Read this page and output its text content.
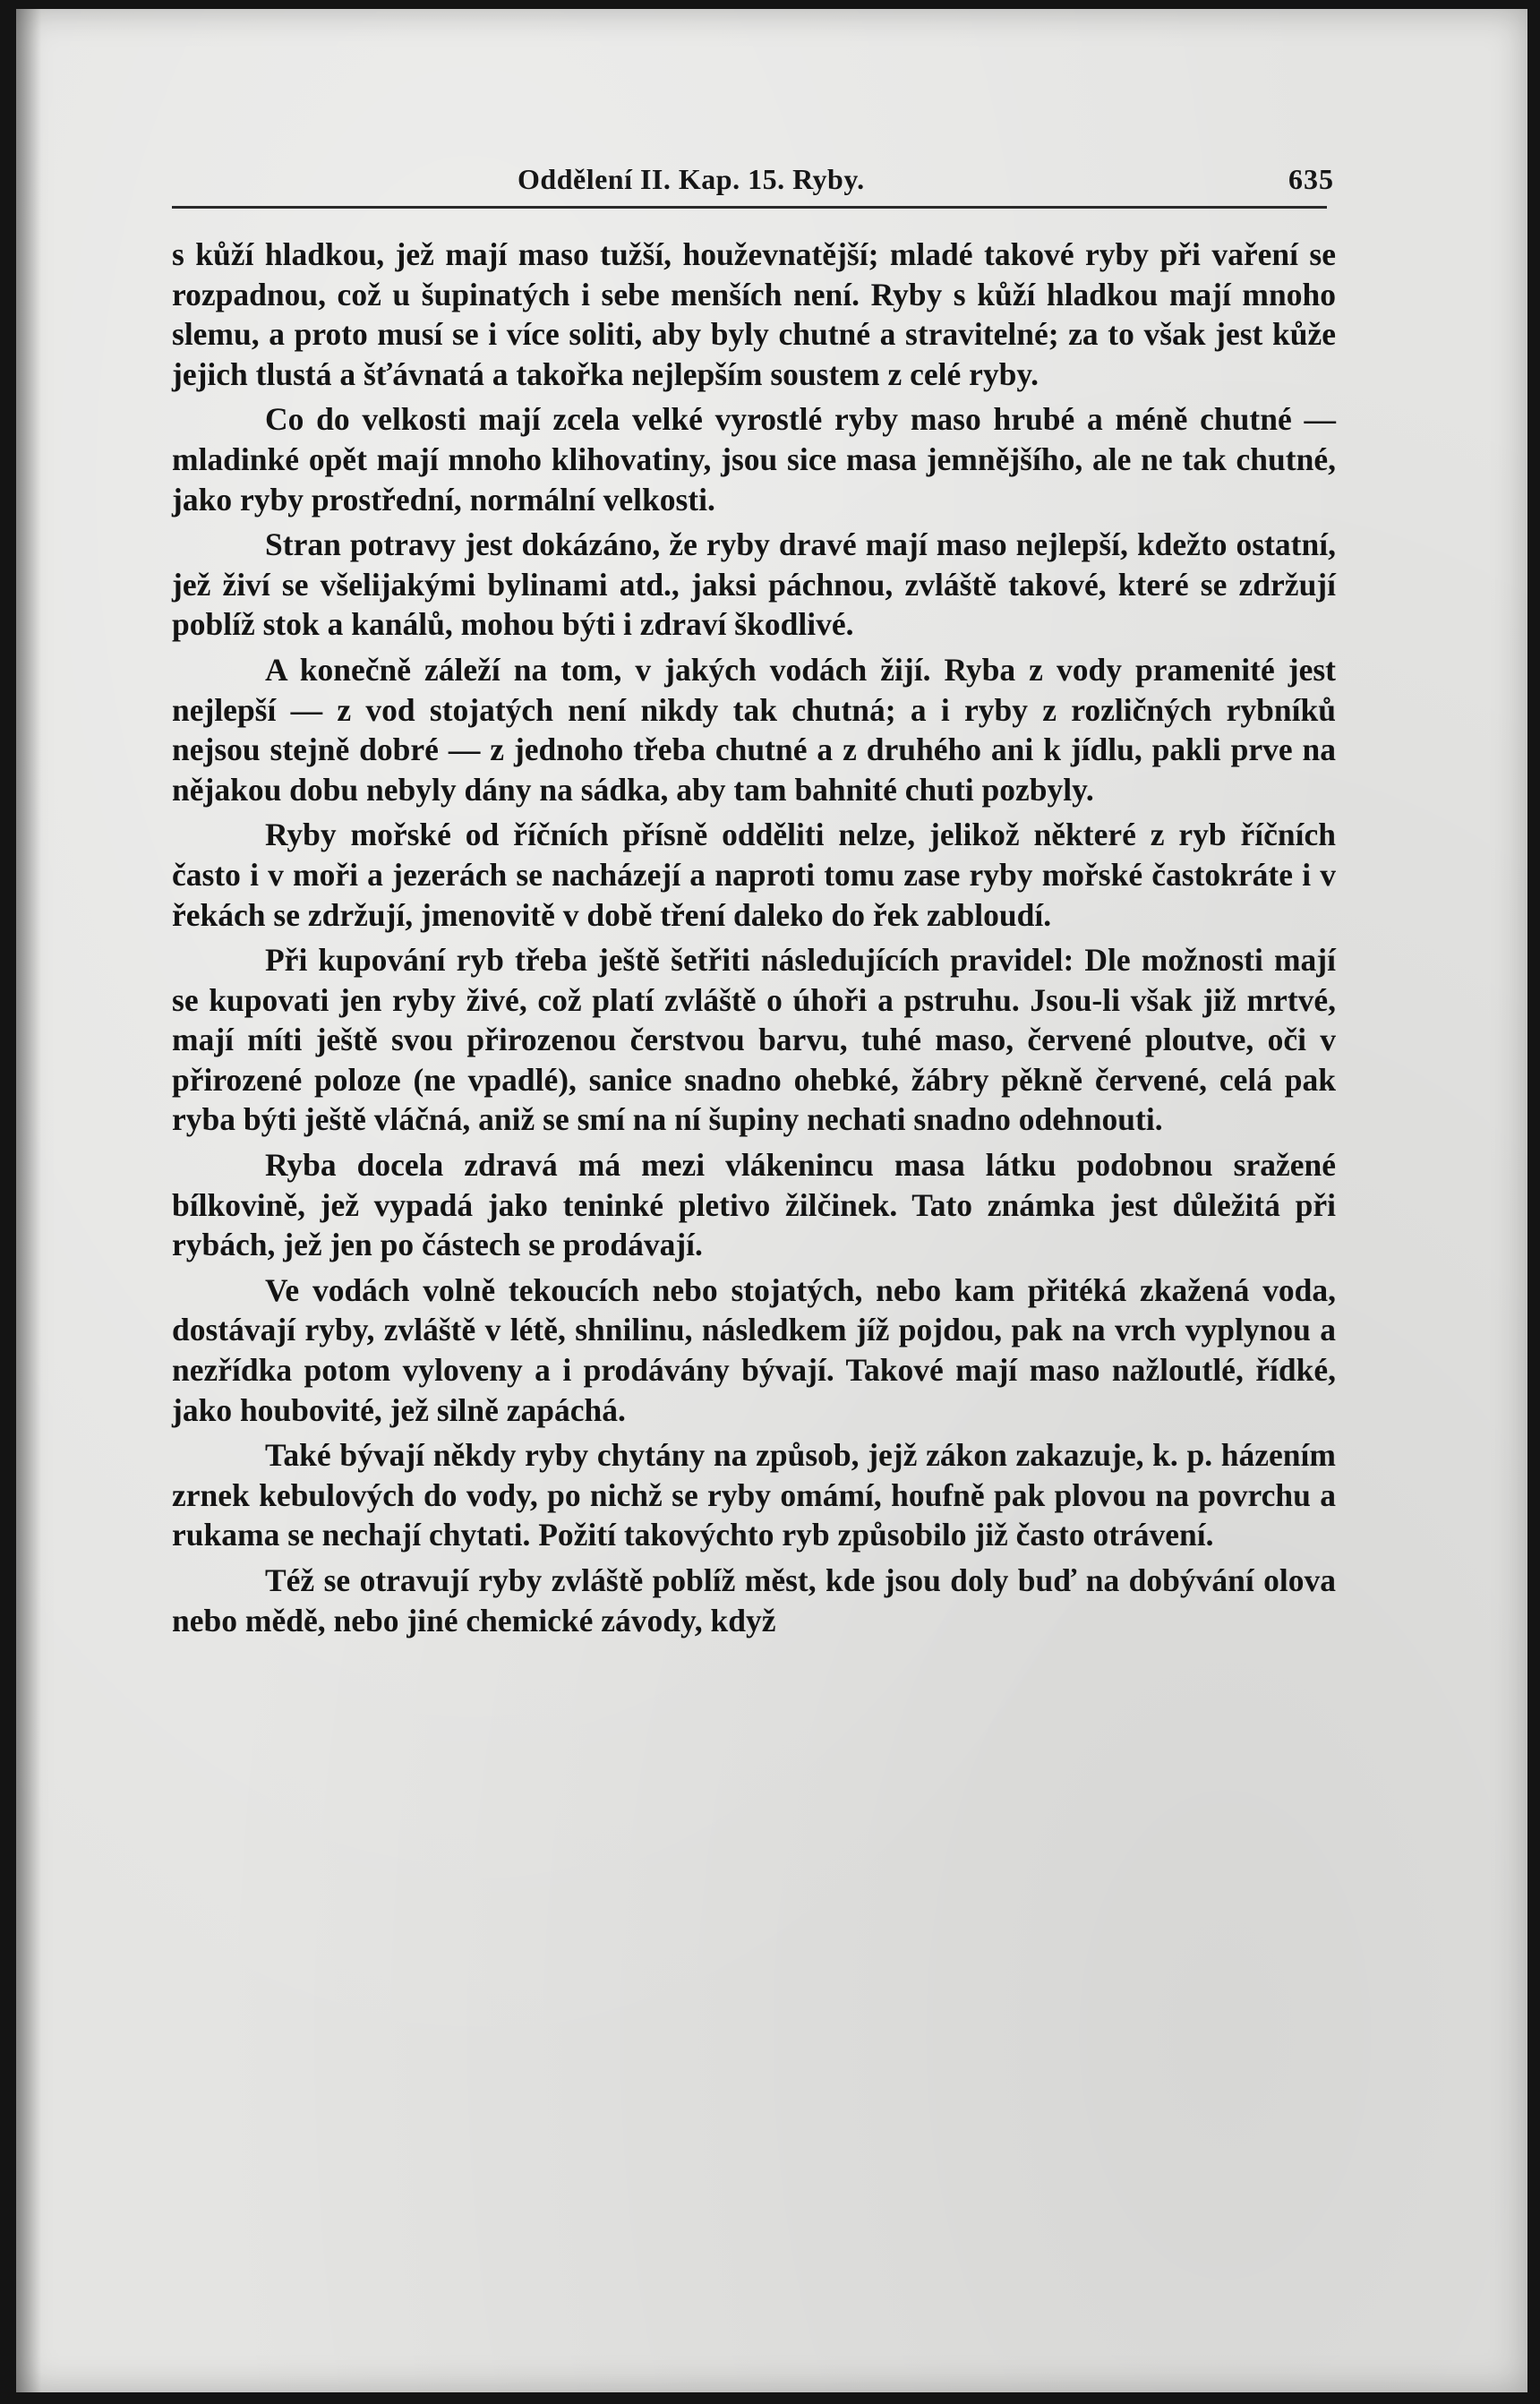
Oddělení II. Kap. 15. Ryby.	635

s kůží hladkou, jež mají maso tužší, houževnatější; mladé takové ryby při vaření se rozpadnou, což u šupinatých i sebe menších není. Ryby s kůží hladkou mají mnoho slemu, a proto musí se i více soliti, aby byly chutné a stravitelné; za to však jest kůže jejich tlustá a šťávnatá a takořka nejlepším soustem z celé ryby.

Co do velkosti mají zcela velké vyrostlé ryby maso hrubé a méně chutné — mladinké opět mají mnoho klihovatiny, jsou sice masa jemnějšího, ale ne tak chutné, jako ryby prostřední, normální velkosti.

Stran potravy jest dokázáno, že ryby dravé mají maso nejlepší, kdežto ostatní, jež živí se všelijakými bylinami atd., jaksi páchnou, zvláště takové, které se zdržují poblíž stok a kanálů, mohou býti i zdraví škodlivé.

A konečně záleží na tom, v jakých vodách žijí. Ryba z vody pramenité jest nejlepší — z vod stojatých není nikdy tak chutná; a i ryby z rozličných rybníků nejsou stejně dobré — z jednoho třeba chutné a z druhého ani k jídlu, pakli prve na nějakou dobu nebyly dány na sádka, aby tam bahnité chuti pozbyly.

Ryby mořské od říčních přísně odděliti nelze, jelikož některé z ryb říčních často i v moři a jezerách se nacházejí a naproti tomu zase ryby mořské častokráte i v řekách se zdržují, jmenovitě v době tření daleko do řek zabloudí.

Při kupování ryb třeba ještě šetřiti následujících pravidel: Dle možnosti mají se kupovati jen ryby živé, což platí zvláště o úhoři a pstruhu. Jsou-li však již mrtvé, mají míti ještě svou přirozenou čerstvou barvu, tuhé maso, červené ploutve, oči v přirozené poloze (ne vpadlé), sanice snadno ohebké, žábry pěkně červené, celá pak ryba býti ještě vláčná, aniž se smí na ní šupiny nechati snadno odehnouti.

Ryba docela zdravá má mezi vlákenincu masa látku podobnou sražené bílkovině, jež vypadá jako teninké pletivo žilčinek. Tato známka jest důležitá při rybách, jež jen po částech se prodávají.

Ve vodách volně tekoucích nebo stojatých, nebo kam přitéká zkažená voda, dostávají ryby, zvláště v létě, shnilinu, následkem jíž pojdou, pak na vrch vyplynou a nezřídka potom vyloveny a i prodávány bývají. Takové mají maso nažloutlé, řídké, jako houbovité, jež silně zapáchá.

Také bývají někdy ryby chytány na způsob, jejž zákon zakazuje, k. p. házením zrnek kebulových do vody, po nichž se ryby omámí, houfně pak plovou na povrchu a rukama se nechají chytati. Požití takovýchto ryb způsobilo již často otrávení.

Též se otravují ryby zvláště poblíž měst, kde jsou doly buď na dobývání olova nebo mědě, nebo jiné chemické závody, když
